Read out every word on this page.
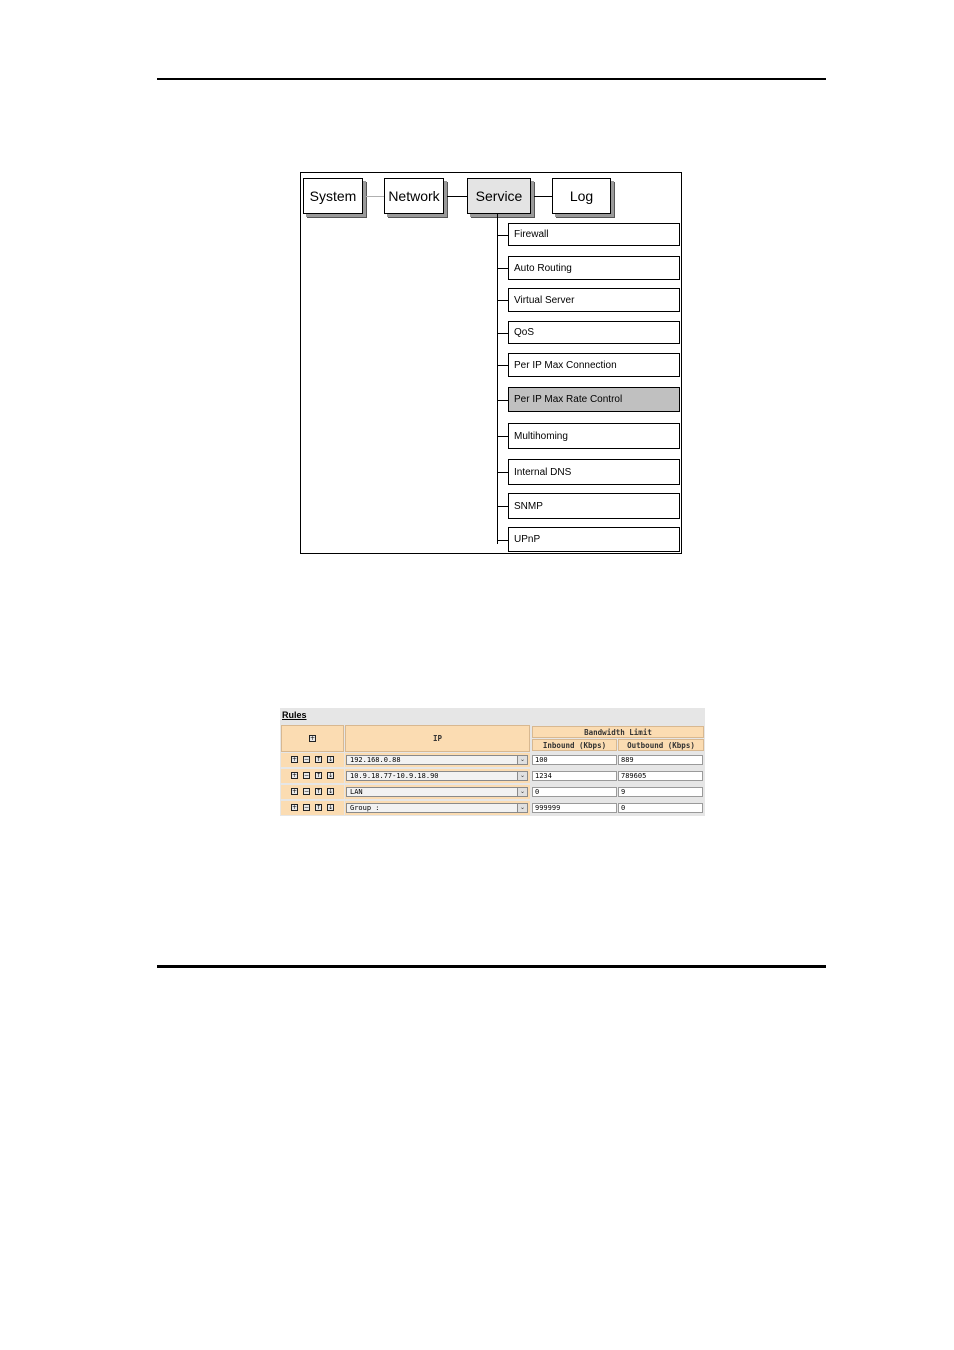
System	Network	Service	Log
Firewall
Auto Routing
Virtual Server
QoS
Per IP Max Connection
Per IP Max Rate Control
Multihoming
Internal DNS
SNMP
UPnP
Rules
+	IP
Bandwidth Limit
Inbound (Kbps)	Outbound (Kbps)
+ − ↑ ↓	192.168.0.88	⌄	100	889
+ − ↑ ↓	10.9.18.77-10.9.18.90	⌄	1234	789605
+ − ↑ ↓	LAN	⌄	0	9
+ − ↑ ↓	Group :	⌄	999999	0
